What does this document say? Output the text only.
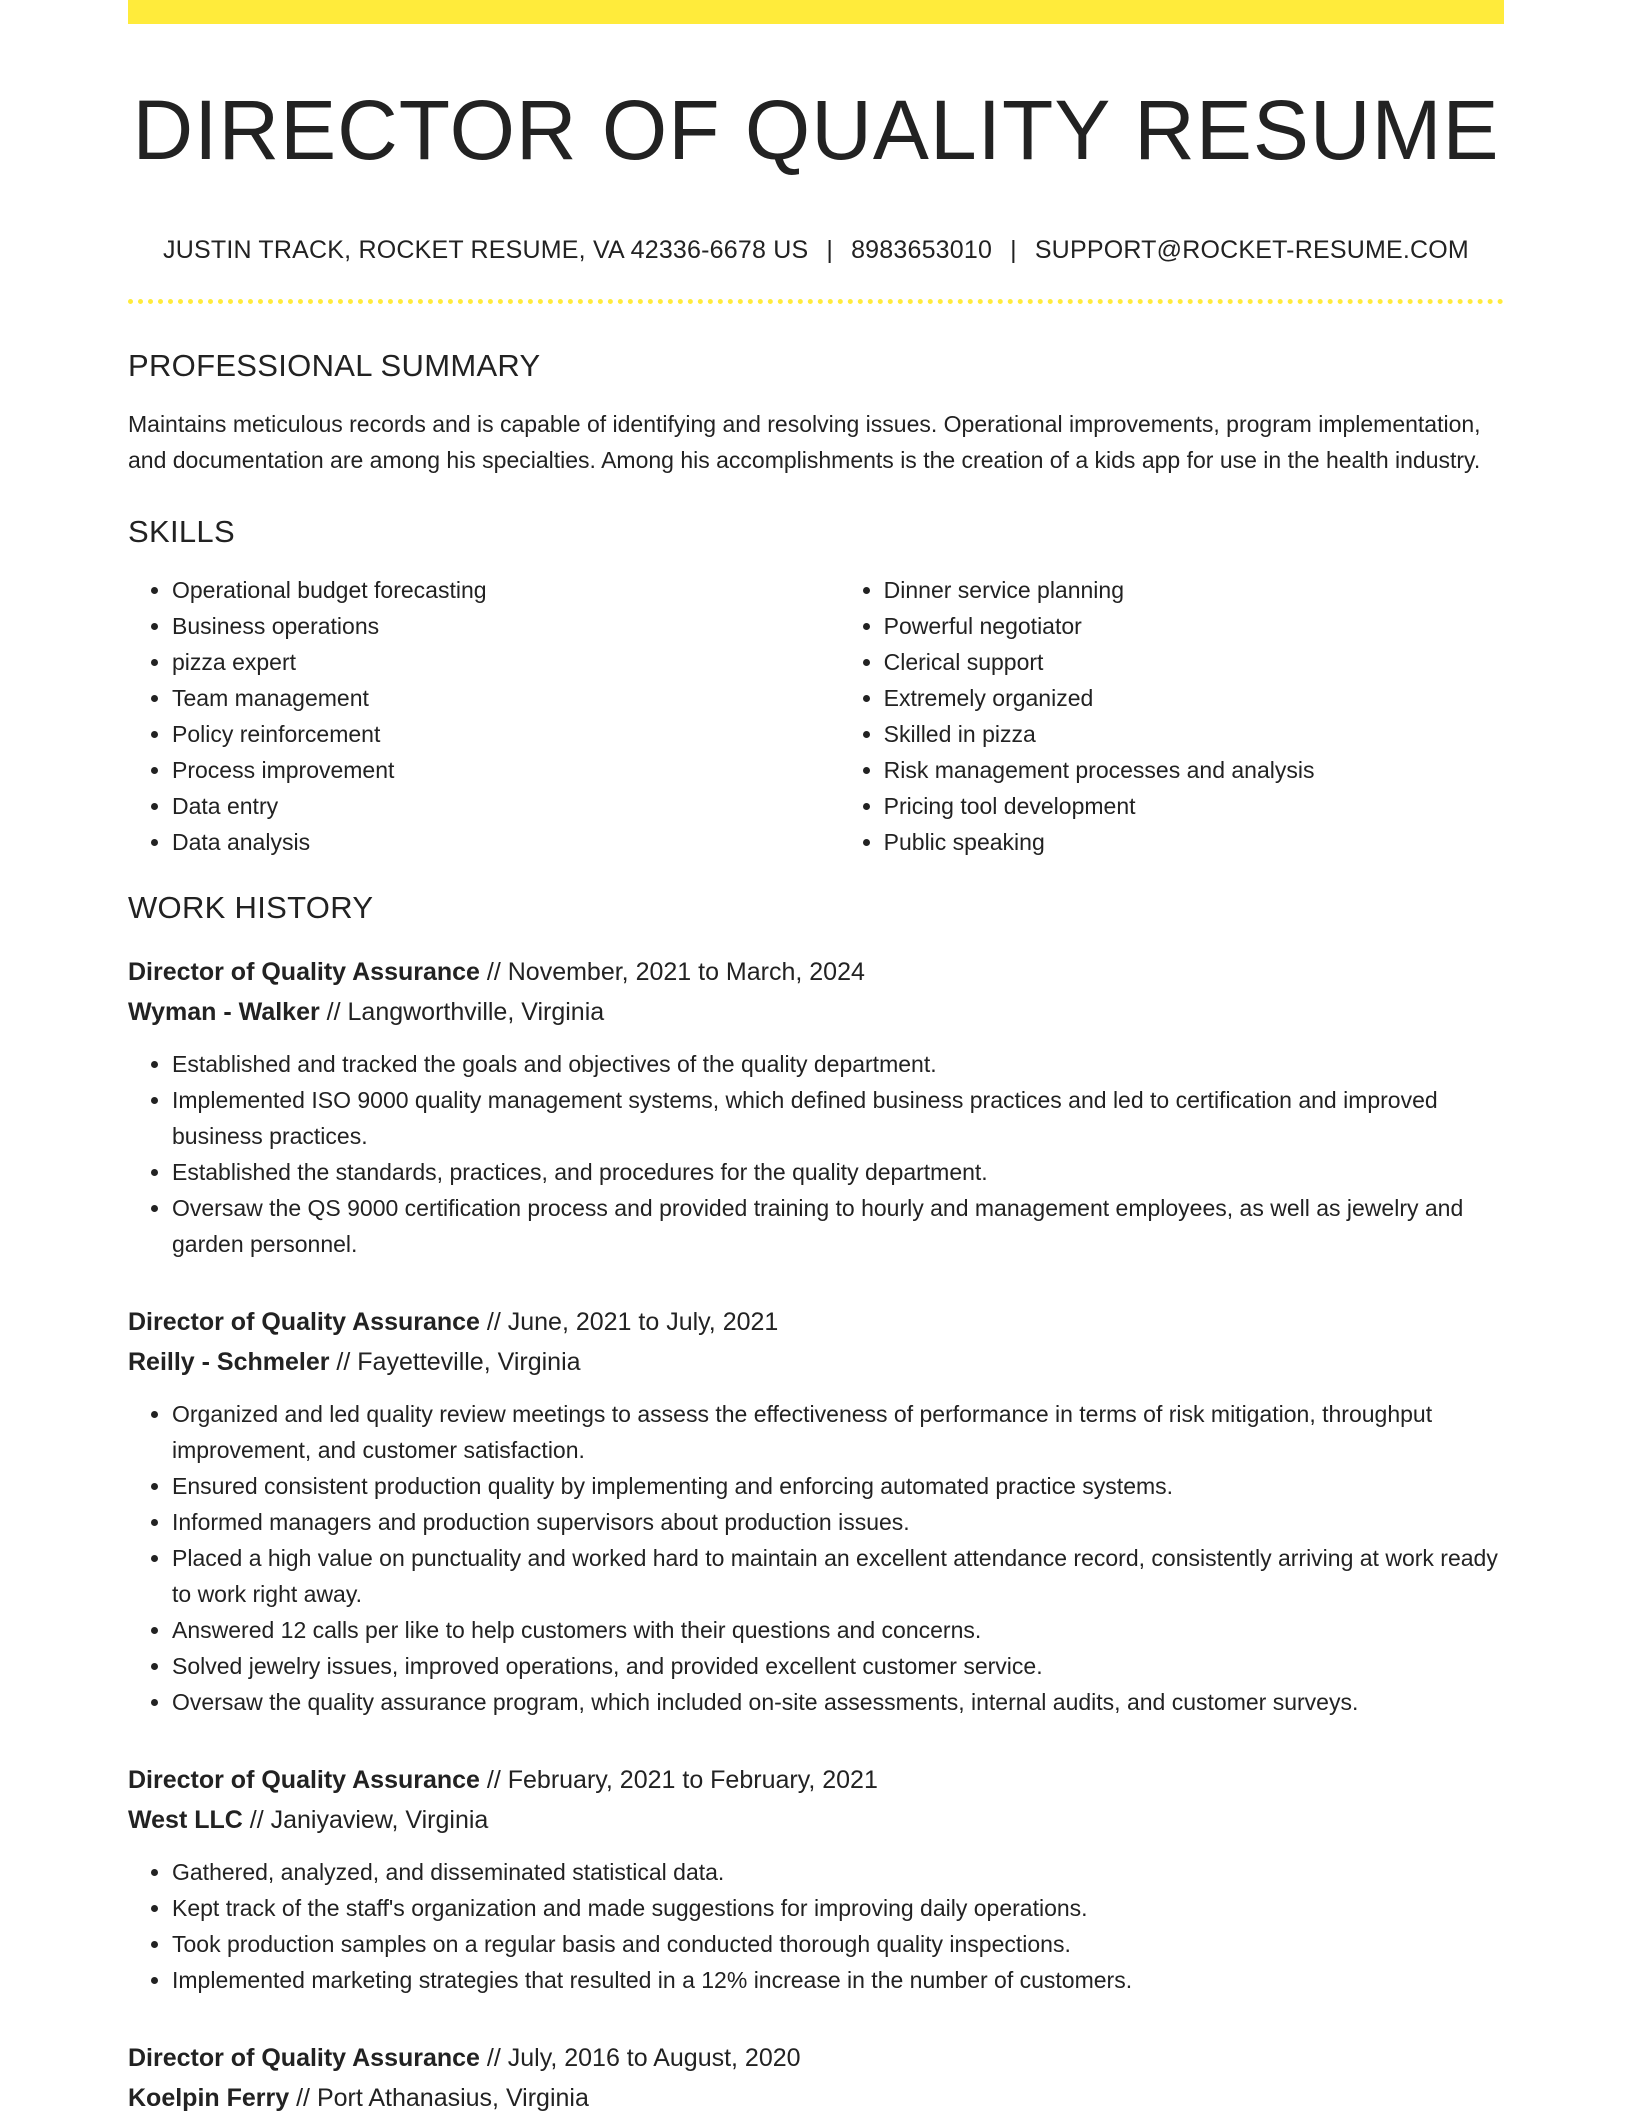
DIRECTOR OF QUALITY RESUME
JUSTIN TRACK, ROCKET RESUME, VA 42336-6678 US | 8983653010 | SUPPORT@ROCKET-RESUME.COM
PROFESSIONAL SUMMARY

Maintains meticulous records and is capable of identifying and resolving issues. Operational improvements, program implementation, and documentation are among his specialties. Among his accomplishments is the creation of a kids app for use in the health industry.

SKILLS
• Operational budget forecasting
• Business operations
• pizza expert
• Team management
• Policy reinforcement
• Process improvement
• Data entry
• Data analysis
• Dinner service planning
• Powerful negotiator
• Clerical support
• Extremely organized
• Skilled in pizza
• Risk management processes and analysis
• Pricing tool development
• Public speaking
WORK HISTORY
Director of Quality Assurance // November, 2021 to March, 2024
Wyman - Walker // Langworthville, Virginia
• Established and tracked the goals and objectives of the quality department.
• Implemented ISO 9000 quality management systems, which defined business practices and led to certification and improved business practices.
• Established the standards, practices, and procedures for the quality department.
• Oversaw the QS 9000 certification process and provided training to hourly and management employees, as well as jewelry and garden personnel.
Director of Quality Assurance // June, 2021 to July, 2021
Reilly - Schmeler // Fayetteville, Virginia
• Organized and led quality review meetings to assess the effectiveness of performance in terms of risk mitigation, throughput improvement, and customer satisfaction.
• Ensured consistent production quality by implementing and enforcing automated practice systems.
• Informed managers and production supervisors about production issues.
• Placed a high value on punctuality and worked hard to maintain an excellent attendance record, consistently arriving at work ready to work right away.
• Answered 12 calls per like to help customers with their questions and concerns.
• Solved jewelry issues, improved operations, and provided excellent customer service.
• Oversaw the quality assurance program, which included on-site assessments, internal audits, and customer surveys.
Director of Quality Assurance // February, 2021 to February, 2021
West LLC // Janiyaview, Virginia
• Gathered, analyzed, and disseminated statistical data.
• Kept track of the staff's organization and made suggestions for improving daily operations.
• Took production samples on a regular basis and conducted thorough quality inspections.
• Implemented marketing strategies that resulted in a 12% increase in the number of customers.
Director of Quality Assurance // July, 2016 to August, 2020
Koelpin Ferry // Port Athanasius, Virginia
